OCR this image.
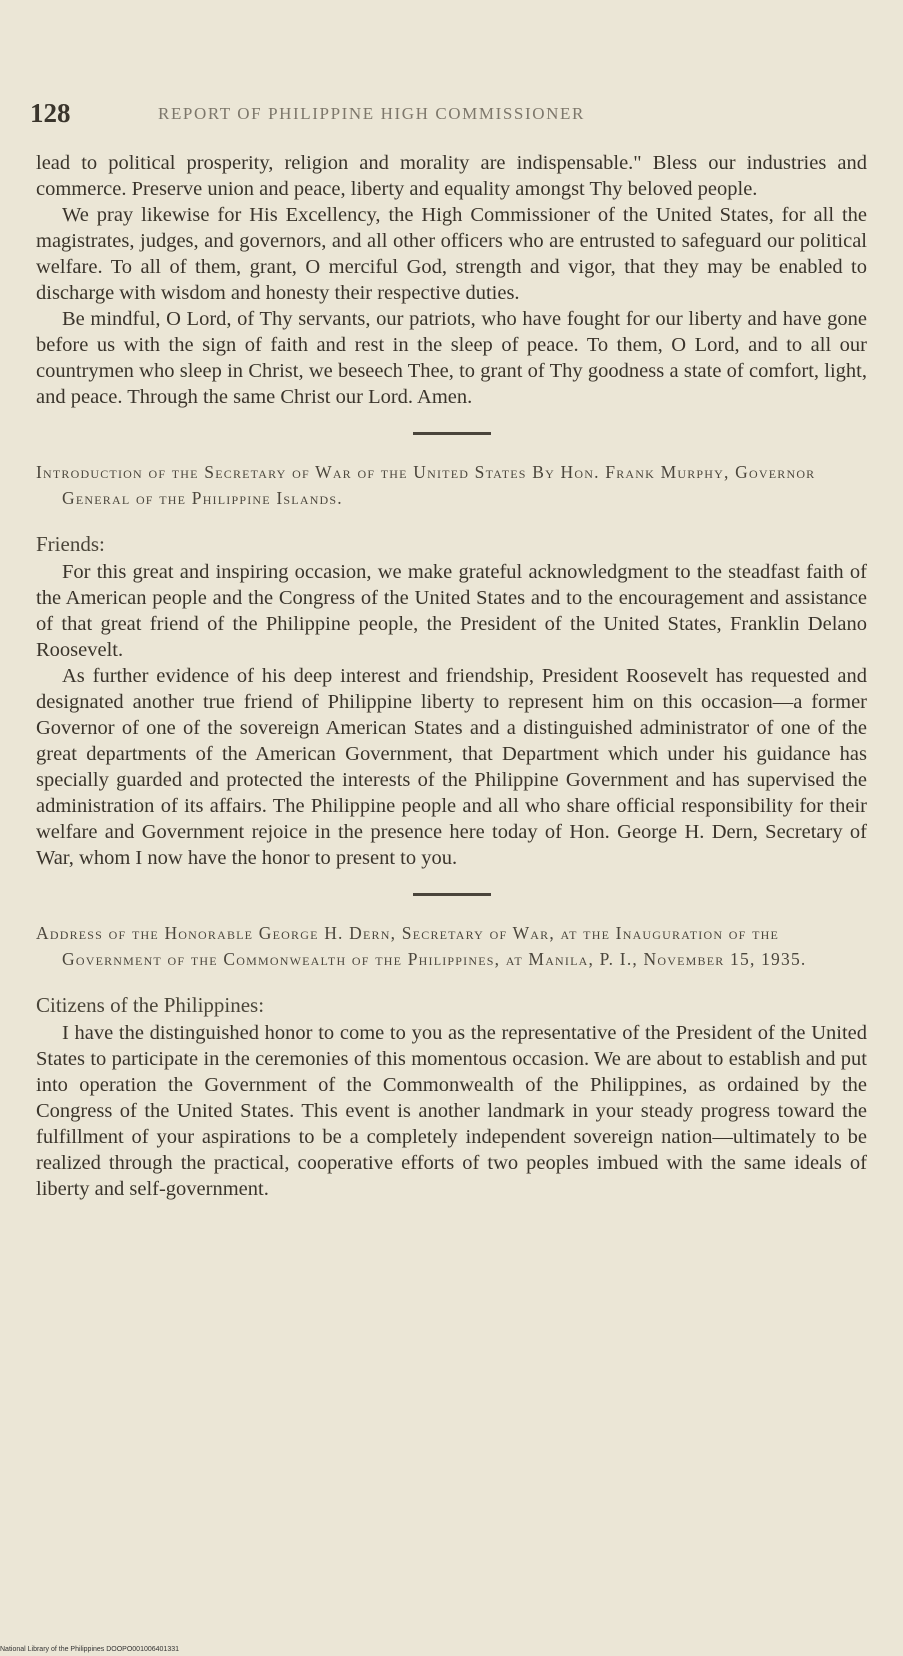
128	REPORT OF PHILIPPINE HIGH COMMISSIONER

lead to political prosperity, religion and morality are indispensable." Bless our industries and commerce. Preserve union and peace, liberty and equality amongst Thy beloved people.

We pray likewise for His Excellency, the High Commissioner of the United States, for all the magistrates, judges, and governors, and all other officers who are entrusted to safeguard our political welfare. To all of them, grant, O merciful God, strength and vigor, that they may be enabled to discharge with wisdom and honesty their respective duties.

Be mindful, O Lord, of Thy servants, our patriots, who have fought for our liberty and have gone before us with the sign of faith and rest in the sleep of peace. To them, O Lord, and to all our countrymen who sleep in Christ, we beseech Thee, to grant of Thy goodness a state of comfort, light, and peace. Through the same Christ our Lord. Amen.

Introduction of the Secretary of War of the United States By Hon. Frank Murphy, Governor General of the Philippine Islands.
Friends:

For this great and inspiring occasion, we make grateful acknowledgment to the steadfast faith of the American people and the Congress of the United States and to the encouragement and assistance of that great friend of the Philippine people, the President of the United States, Franklin Delano Roosevelt.

As further evidence of his deep interest and friendship, President Roosevelt has requested and designated another true friend of Philippine liberty to represent him on this occasion—a former Governor of one of the sovereign American States and a distinguished administrator of one of the great departments of the American Government, that Department which under his guidance has specially guarded and protected the interests of the Philippine Government and has supervised the administration of its affairs. The Philippine people and all who share official responsibility for their welfare and Government rejoice in the presence here today of Hon. George H. Dern, Secretary of War, whom I now have the honor to present to you.

Address of the Honorable George H. Dern, Secretary of War, at the Inauguration of the Government of the Commonwealth of the Philippines, at Manila, P. I., November 15, 1935.
Citizens of the Philippines:

I have the distinguished honor to come to you as the representative of the President of the United States to participate in the ceremonies of this momentous occasion. We are about to establish and put into operation the Government of the Commonwealth of the Philippines, as ordained by the Congress of the United States. This event is another landmark in your steady progress toward the fulfillment of your aspirations to be a completely independent sovereign nation—ultimately to be realized through the practical, cooperative efforts of two peoples imbued with the same ideals of liberty and self-government.

National Library of the Philippines DOOPO001006401331
